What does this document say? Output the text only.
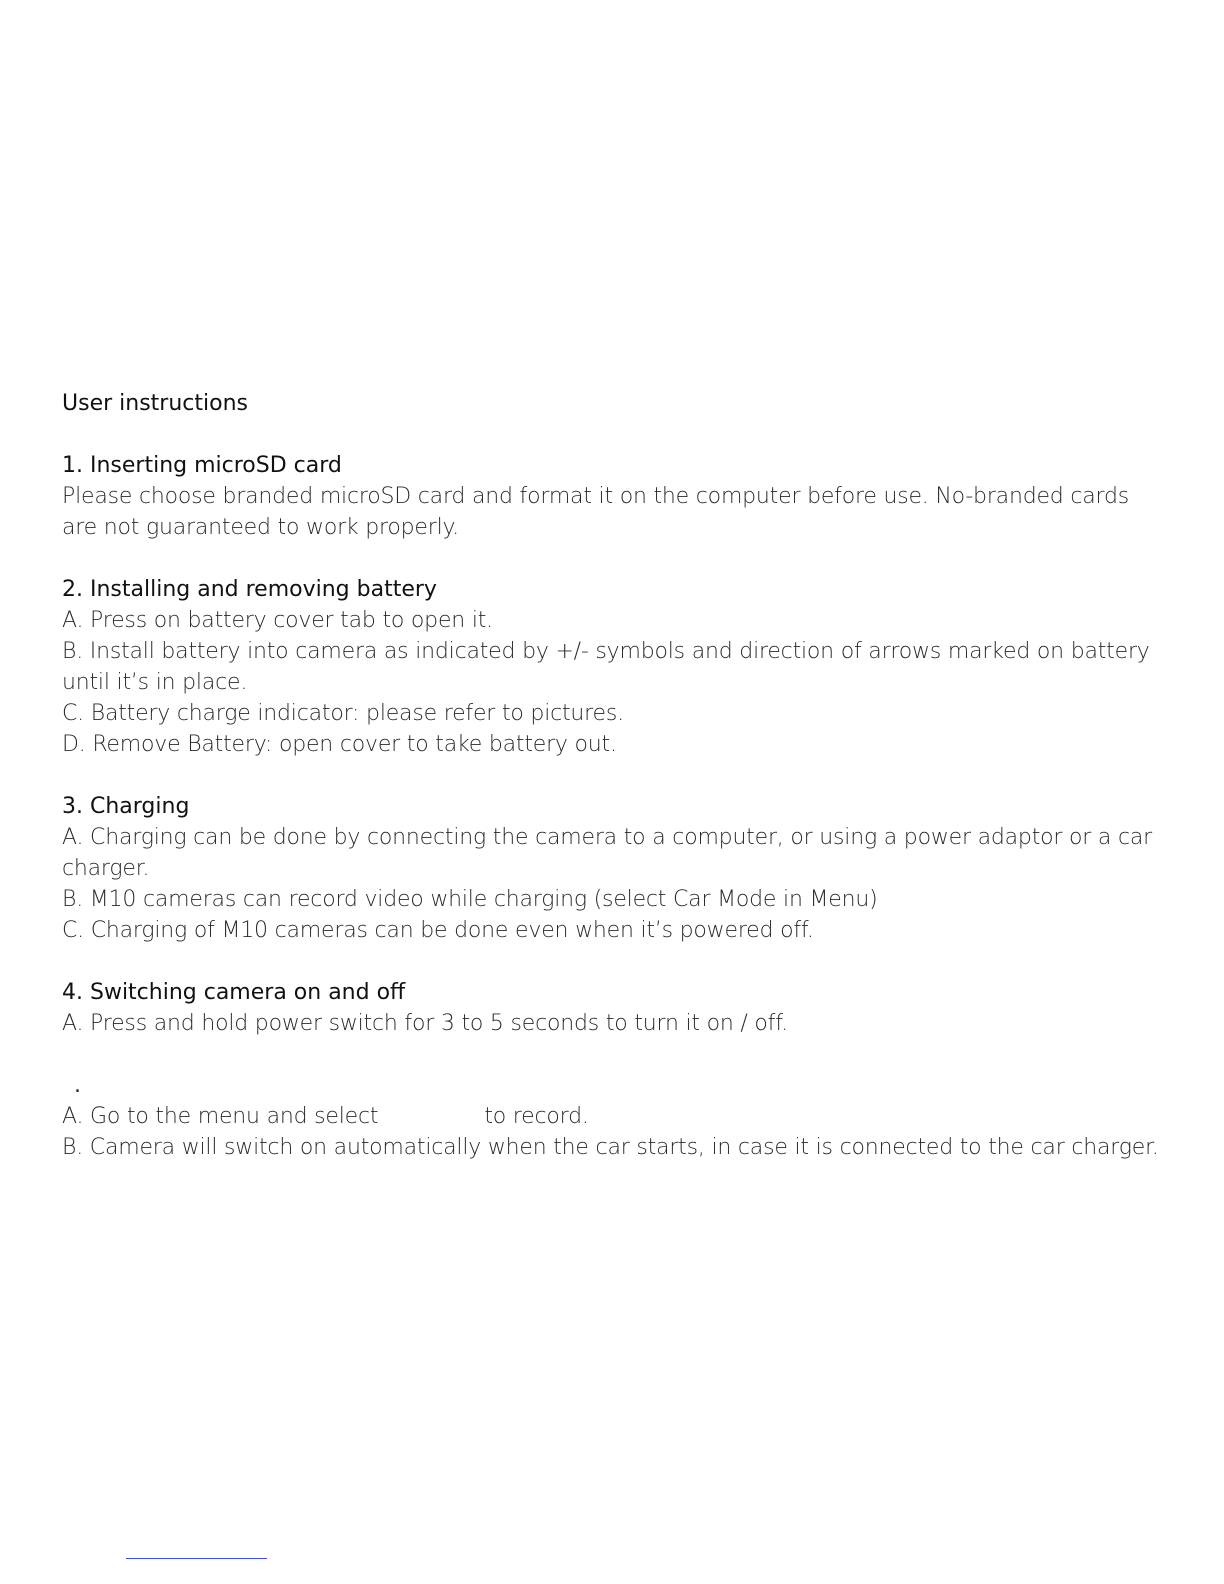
User instructions
1. Inserting microSD card

Please choose branded microSD card and format it on the computer before use. No-branded cards are not guaranteed to work properly.

2. Installing and removing battery

A. Press on battery cover tab to open it.

B. Install battery into camera as indicated by +/- symbols and direction of arrows marked on battery until it’s in place.

C. Battery charge indicator: please refer to pictures.

D. Remove Battery: open cover to take battery out.

3. Charging

A. Charging can be done by connecting the camera to a computer, or using a power adaptor or a car charger.

B. M10 cameras can record video while charging (select Car Mode in Menu)

C. Charging of M10 cameras can be done even when it’s powered off.

4. Switching camera on and off

A. Press and hold power switch for 3 to 5 seconds to turn it on / off.

.

A. Go to the menu and select	to record.

B. Camera will switch on automatically when the car starts, in case it is connected to the car charger.
